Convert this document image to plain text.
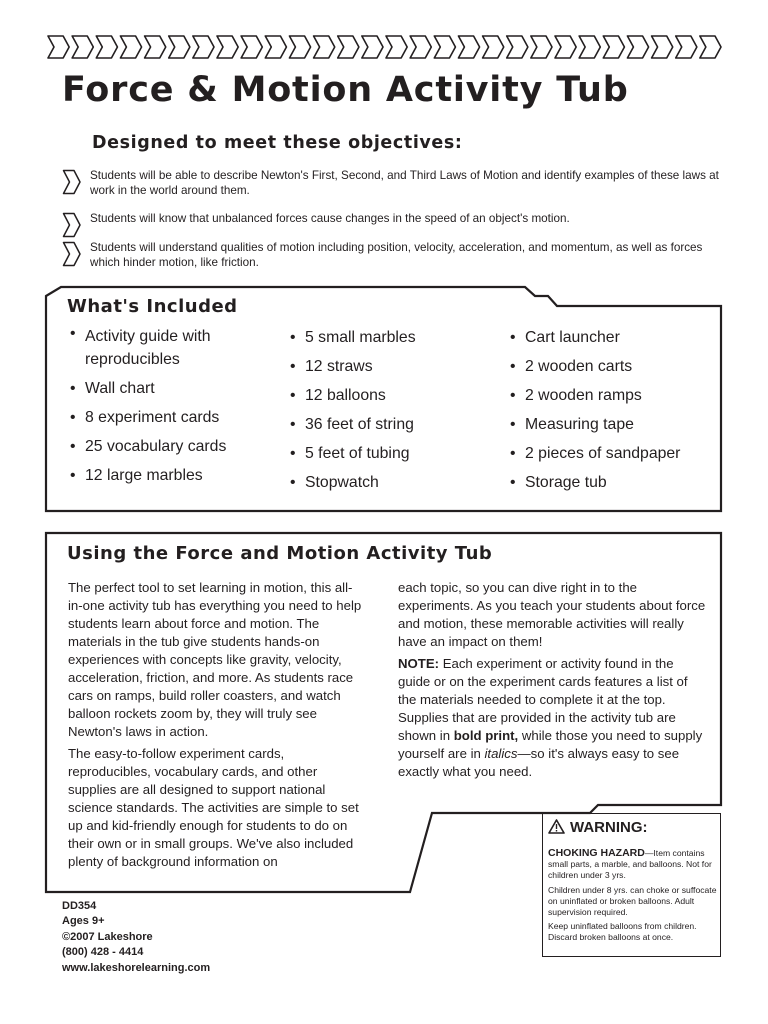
Force & Motion Activity Tub
Designed to meet these objectives:

Students will be able to describe Newton's First, Second, and Third Laws of Motion and identify examples of these laws at work in the world around them.

Students will know that unbalanced forces cause changes in the speed of an object's motion.

Students will understand qualities of motion including position, velocity, acceleration, and momentum, as well as forces which hinder motion, like friction.

What's Included
• Activity guide with reproducibles
• Wall chart
• 8 experiment cards
• 25 vocabulary cards
• 12 large marbles
• 5 small marbles
• 12 straws
• 12 balloons
• 36 feet of string
• 5 feet of tubing
• Stopwatch
• Cart launcher
• 2 wooden carts
• 2 wooden ramps
• Measuring tape
• 2 pieces of sandpaper
• Storage tub
Using the Force and Motion Activity Tub

The perfect tool to set learning in motion, this all-in-one activity tub has everything you need to help students learn about force and motion. The materials in the tub give students hands-on experiences with concepts like gravity, velocity, acceleration, friction, and more. As students race cars on ramps, build roller coasters, and watch balloon rockets zoom by, they will truly see Newton's laws in action.

The easy-to-follow experiment cards, reproducibles, vocabulary cards, and other supplies are all designed to support national science standards. The activities are simple to set up and kid-friendly enough for students to do on their own or in small groups. We've also included plenty of background information on

each topic, so you can dive right in to the experiments. As you teach your students about force and motion, these memorable activities will really have an impact on them!

NOTE: Each experiment or activity found in the guide or on the experiment cards features a list of the materials needed to complete it at the top. Supplies that are provided in the activity tub are shown in bold print, while those you need to supply yourself are in italics—so it's always easy to see exactly what you need.

DD354
Ages 9+
©2007 Lakeshore
(800) 428 - 4414
www.lakeshorelearning.com
WARNING:

CHOKING HAZARD—Item contains small parts, a marble, and balloons. Not for children under 3 yrs.

Children under 8 yrs. can choke or suffocate on uninflated or broken balloons. Adult supervision required.

Keep uninflated balloons from children. Discard broken balloons at once.
